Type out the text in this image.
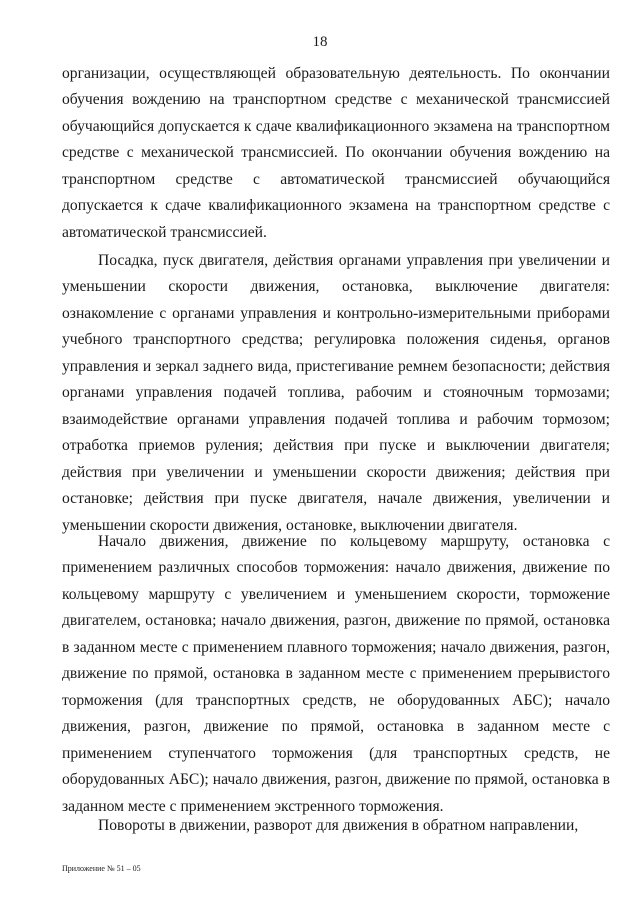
18

организации, осуществляющей образовательную деятельность. По окончании обучения вождению на транспортном средстве с механической трансмиссией обучающийся допускается к сдаче квалификационного экзамена на транспортном средстве с механической трансмиссией. По окончании обучения вождению на транспортном средстве с автоматической трансмиссией обучающийся допускается к сдаче квалификационного экзамена на транспортном средстве с автоматической трансмиссией.

Посадка, пуск двигателя, действия органами управления при увеличении и уменьшении скорости движения, остановка, выключение двигателя: ознакомление с органами управления и контрольно-измерительными приборами учебного транспортного средства; регулировка положения сиденья, органов управления и зеркал заднего вида, пристегивание ремнем безопасности; действия органами управления подачей топлива, рабочим и стояночным тормозами; взаимодействие органами управления подачей топлива и рабочим тормозом; отработка приемов руления; действия при пуске и выключении двигателя; действия при увеличении и уменьшении скорости движения; действия при остановке; действия при пуске двигателя, начале движения, увеличении и уменьшении скорости движения, остановке, выключении двигателя.

Начало движения, движение по кольцевому маршруту, остановка с применением различных способов торможения: начало движения, движение по кольцевому маршруту с увеличением и уменьшением скорости, торможение двигателем, остановка; начало движения, разгон, движение по прямой, остановка в заданном месте с применением плавного торможения; начало движения, разгон, движение по прямой, остановка в заданном месте с применением прерывистого торможения (для транспортных средств, не оборудованных АБС); начало движения, разгон, движение по прямой, остановка в заданном месте с применением ступенчатого торможения (для транспортных средств, не оборудованных АБС); начало движения, разгон, движение по прямой, остановка в заданном месте с применением экстренного торможения.

Повороты в движении, разворот для движения в обратном направлении,

Приложение № 51 – 05
